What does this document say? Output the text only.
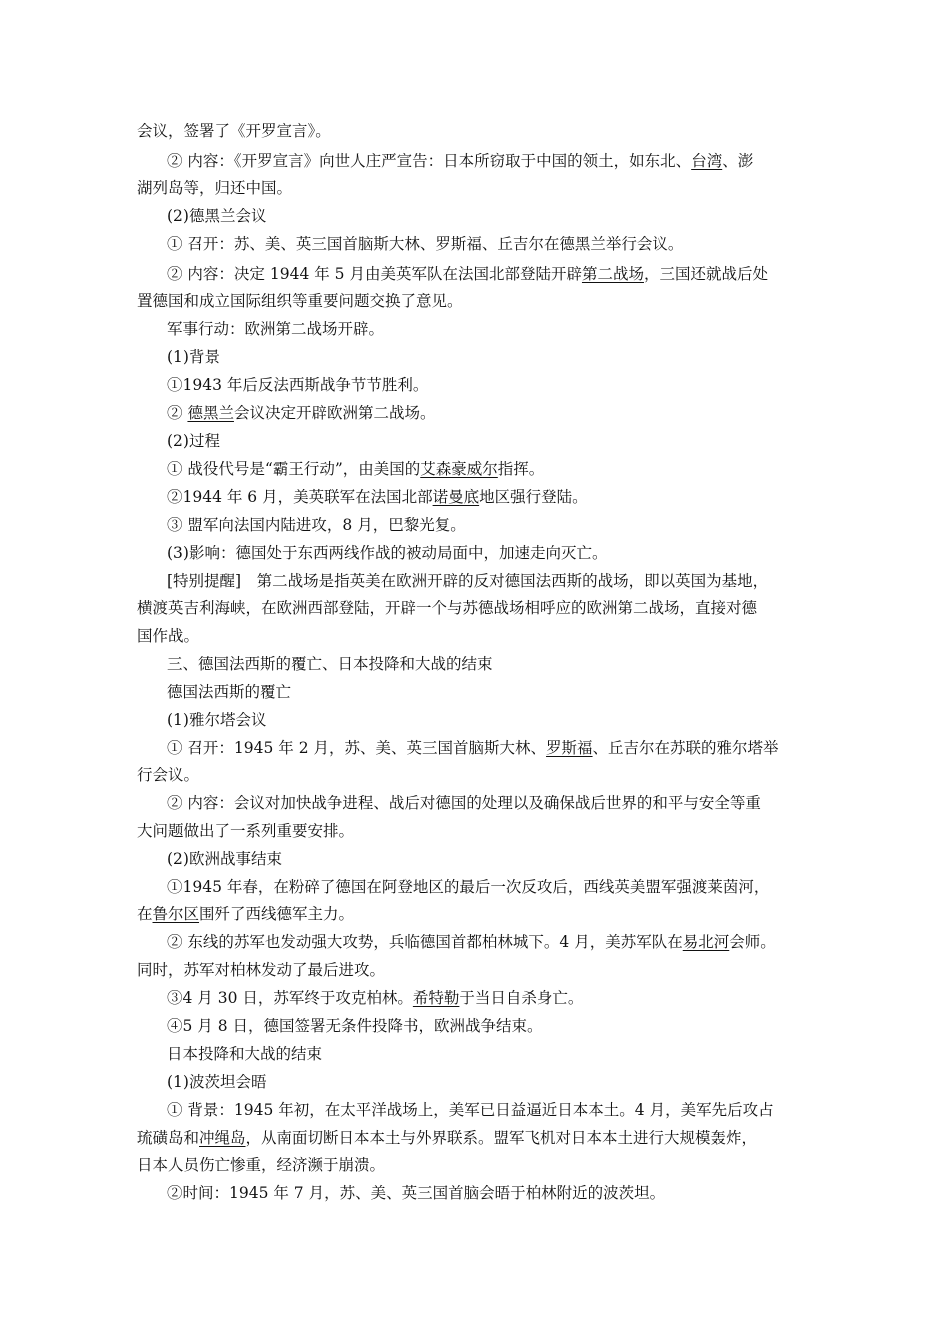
会议，签署了《开罗宣言》。
② 内容：《开罗宣言》向世人庄严宣告：日本所窃取于中国的领土，如东北、台湾、澎
湖列岛等，归还中国。
(2)德黑兰会议
① 召开：苏、美、英三国首脑斯大林、罗斯福、丘吉尔在德黑兰举行会议。
② 内容：决定 1944 年 5 月由美英军队在法国北部登陆开辟第二战场，三国还就战后处
置德国和成立国际组织等重要问题交换了意见。
军事行动：欧洲第二战场开辟。
(1)背景
①1943 年后反法西斯战争节节胜利。
② 德黑兰会议决定开辟欧洲第二战场。
(2)过程
① 战役代号是“霸王行动”，由美国的艾森豪威尔指挥。
②1944 年 6 月，美英联军在法国北部诺曼底地区强行登陆。
③ 盟军向法国内陆进攻，8 月，巴黎光复。
(3)影响：德国处于东西两线作战的被动局面中，加速走向灭亡。
[特别提醒]　第二战场是指英美在欧洲开辟的反对德国法西斯的战场，即以英国为基地，
横渡英吉利海峡，在欧洲西部登陆，开辟一个与苏德战场相呼应的欧洲第二战场，直接对德
国作战。
三、德国法西斯的覆亡、日本投降和大战的结束
德国法西斯的覆亡
(1)雅尔塔会议
① 召开：1945 年 2 月，苏、美、英三国首脑斯大林、罗斯福、丘吉尔在苏联的雅尔塔举
行会议。
② 内容：会议对加快战争进程、战后对德国的处理以及确保战后世界的和平与安全等重
大问题做出了一系列重要安排。
(2)欧洲战事结束
①1945 年春，在粉碎了德国在阿登地区的最后一次反攻后，西线英美盟军强渡莱茵河，
在鲁尔区围歼了西线德军主力。
② 东线的苏军也发动强大攻势，兵临德国首都柏林城下。4 月，美苏军队在易北河会师。
同时，苏军对柏林发动了最后进攻。
③4 月 30 日，苏军终于攻克柏林。希特勒于当日自杀身亡。
④5 月 8 日，德国签署无条件投降书，欧洲战争结束。
日本投降和大战的结束
(1)波茨坦会晤
① 背景：1945 年初，在太平洋战场上，美军已日益逼近日本本土。4 月，美军先后攻占
琉磺岛和冲绳岛，从南面切断日本本土与外界联系。盟军飞机对日本本土进行大规模轰炸，
日本人员伤亡惨重，经济濒于崩溃。
②时间：1945 年 7 月，苏、美、英三国首脑会晤于柏林附近的波茨坦。
